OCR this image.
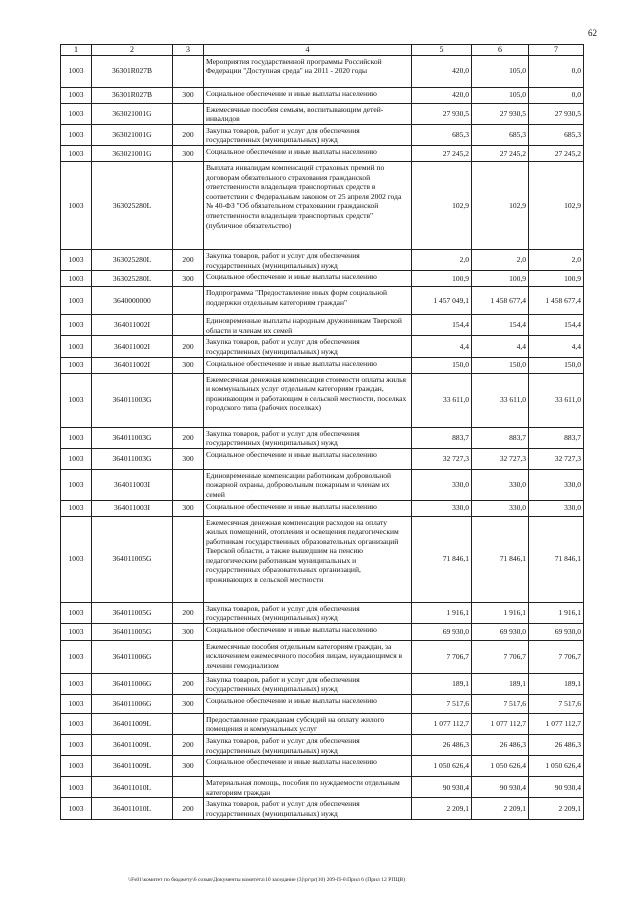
62
1	2	3	4	5	6	7
1003	36301R027B		Мероприятия государственной программы Российской Федерации "Доступная среда" на 2011 - 2020 годы	420,0	105,0	0,0
1003	36301R027B	300	Социальное обеспечение и иные выплаты населению	420,0	105,0	0,0
1003	363021001G		Ежемесячные пособия семьям, воспитывающим детей-инвалидов	27 930,5	27 930,5	27 930,5
1003	363021001G	200	Закупка товаров, работ и услуг для обеспечения государственных (муниципальных) нужд	685,3	685,3	685,3
1003	363021001G	300	Социальное обеспечение и иные выплаты населению	27 245,2	27 245,2	27 245,2
1003	363025280L		Выплата инвалидам компенсаций страховых премий по договорам обязательного страхования гражданской ответственности владельцев транспортных средств в соответствии с Федеральным законом от 25 апреля 2002 года № 40-ФЗ "Об обязательном страховании гражданской ответственности владельцев транспортных средств" (публичное обязательство)	102,9	102,9	102,9
1003	363025280L	200	Закупка товаров, работ и услуг для обеспечения государственных (муниципальных) нужд	2,0	2,0	2,0
1003	363025280L	300	Социальное обеспечение и иные выплаты населению	100,9	100,9	100,9
1003	3640000000		Подпрограмма "Предоставление иных форм социальной поддержки отдельным категориям граждан"	1 457 049,1	1 458 677,4	1 458 677,4
1003	364011002I		Единовременные выплаты народным дружинникам Тверской области и членам их семей	154,4	154,4	154,4
1003	364011002I	200	Закупка товаров, работ и услуг для обеспечения государственных (муниципальных) нужд	4,4	4,4	4,4
1003	364011002I	300	Социальное обеспечение и иные выплаты населению	150,0	150,0	150,0
1003	364011003G		Ежемесячная денежная компенсация стоимости оплаты жилья и коммунальных услуг отдельным категориям граждан, проживающим и работающим в сельской местности, поселках городского типа (рабочих поселках)	33 611,0	33 611,0	33 611,0
1003	364011003G	200	Закупка товаров, работ и услуг для обеспечения государственных (муниципальных) нужд	883,7	883,7	883,7
1003	364011003G	300	Социальное обеспечение и иные выплаты населению	32 727,3	32 727,3	32 727,3
1003	364011003I		Единовременные компенсации работникам добровольной пожарной охраны, добровольным пожарным и членам их семей	330,0	330,0	330,0
1003	364011003I	300	Социальное обеспечение и иные выплаты населению	330,0	330,0	330,0
1003	364011005G		Ежемесячная денежная компенсация расходов на оплату жилых помещений, отопления и освещения педагогическим работникам государственных образовательных организаций Тверской области, а также вышедшим на пенсию педагогическим работникам муниципальных и государственных образовательных организаций, проживающих в сельской местности	71 846,1	71 846,1	71 846,1
1003	364011005G	200	Закупка товаров, работ и услуг для обеспечения государственных (муниципальных) нужд	1 916,1	1 916,1	1 916,1
1003	364011005G	300	Социальное обеспечение и иные выплаты населению	69 930,0	69 930,0	69 930,0
1003	364011006G		Ежемесячные пособия отдельным категориям граждан, за исключением ежемесячного пособия лицам, нуждающимся в лечении гемодиализом	7 706,7	7 706,7	7 706,7
1003	364011006G	200	Закупка товаров, работ и услуг для обеспечения государственных (муниципальных) нужд	189,1	189,1	189,1
1003	364011006G	300	Социальное обеспечение и иные выплаты населению	7 517,6	7 517,6	7 517,6
1003	364011009L		Предоставление гражданам субсидий на оплату жилого помещения и коммунальных услуг	1 077 112,7	1 077 112,7	1 077 112,7
1003	364011009L	200	Закупка товаров, работ и услуг для обеспечения государственных (муниципальных) нужд	26 486,3	26 486,3	26 486,3
1003	364011009L	300	Социальное обеспечение и иные выплаты населению	1 050 626,4	1 050 626,4	1 050 626,4
1003	364011010L		Материальная помощь, пособия по нуждаемости отдельным категориям граждан	90 930,4	90 930,4	90 930,4
1003	364011010L	200	Закупка товаров, работ и услуг для обеспечения государственных (муниципальных) нужд	2 209,1	2 209,1	2 209,1
\\Fs01\комитет по бюджету\6 созыв\Документы комитета\10 заседание (3)\pr\pr(10) 209-П-6\Прил 6 (Прил 12 РПЦВ)
